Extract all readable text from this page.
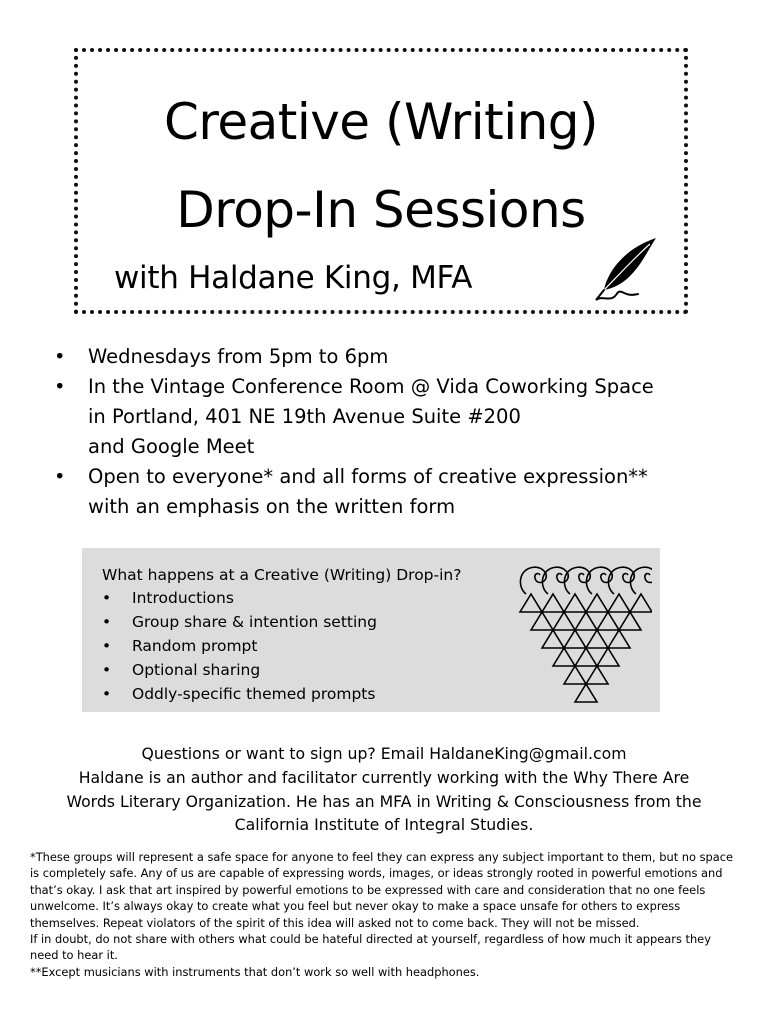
Creative (Writing)
Drop-In Sessions
with Haldane King, MFA
• Wednesdays from 5pm to 6pm
• In the Vintage Conference Room @ Vida Coworking Space
in Portland, 401 NE 19th Avenue Suite #200
and Google Meet
• Open to everyone* and all forms of creative expression**
with an emphasis on the written form
What happens at a Creative (Writing) Drop-in?
• Introductions
• Group share & intention setting
• Random prompt
• Optional sharing
• Oddly-specific themed prompts
Questions or want to sign up? Email HaldaneKing@gmail.com
Haldane is an author and facilitator currently working with the Why There Are
Words Literary Organization. He has an MFA in Writing & Consciousness from the
California Institute of Integral Studies.

*These groups will represent a safe space for anyone to feel they can express any subject important to them, but no space

is completely safe. Any of us are capable of expressing words, images, or ideas strongly rooted in powerful emotions and

that’s okay. I ask that art inspired by powerful emotions to be expressed with care and consideration that no one feels

unwelcome. It’s always okay to create what you feel but never okay to make a space unsafe for others to express

themselves. Repeat violators of the spirit of this idea will asked not to come back. They will not be missed.

If in doubt, do not share with others what could be hateful directed at yourself, regardless of how much it appears they

need to hear it.

**Except musicians with instruments that don’t work so well with headphones.
